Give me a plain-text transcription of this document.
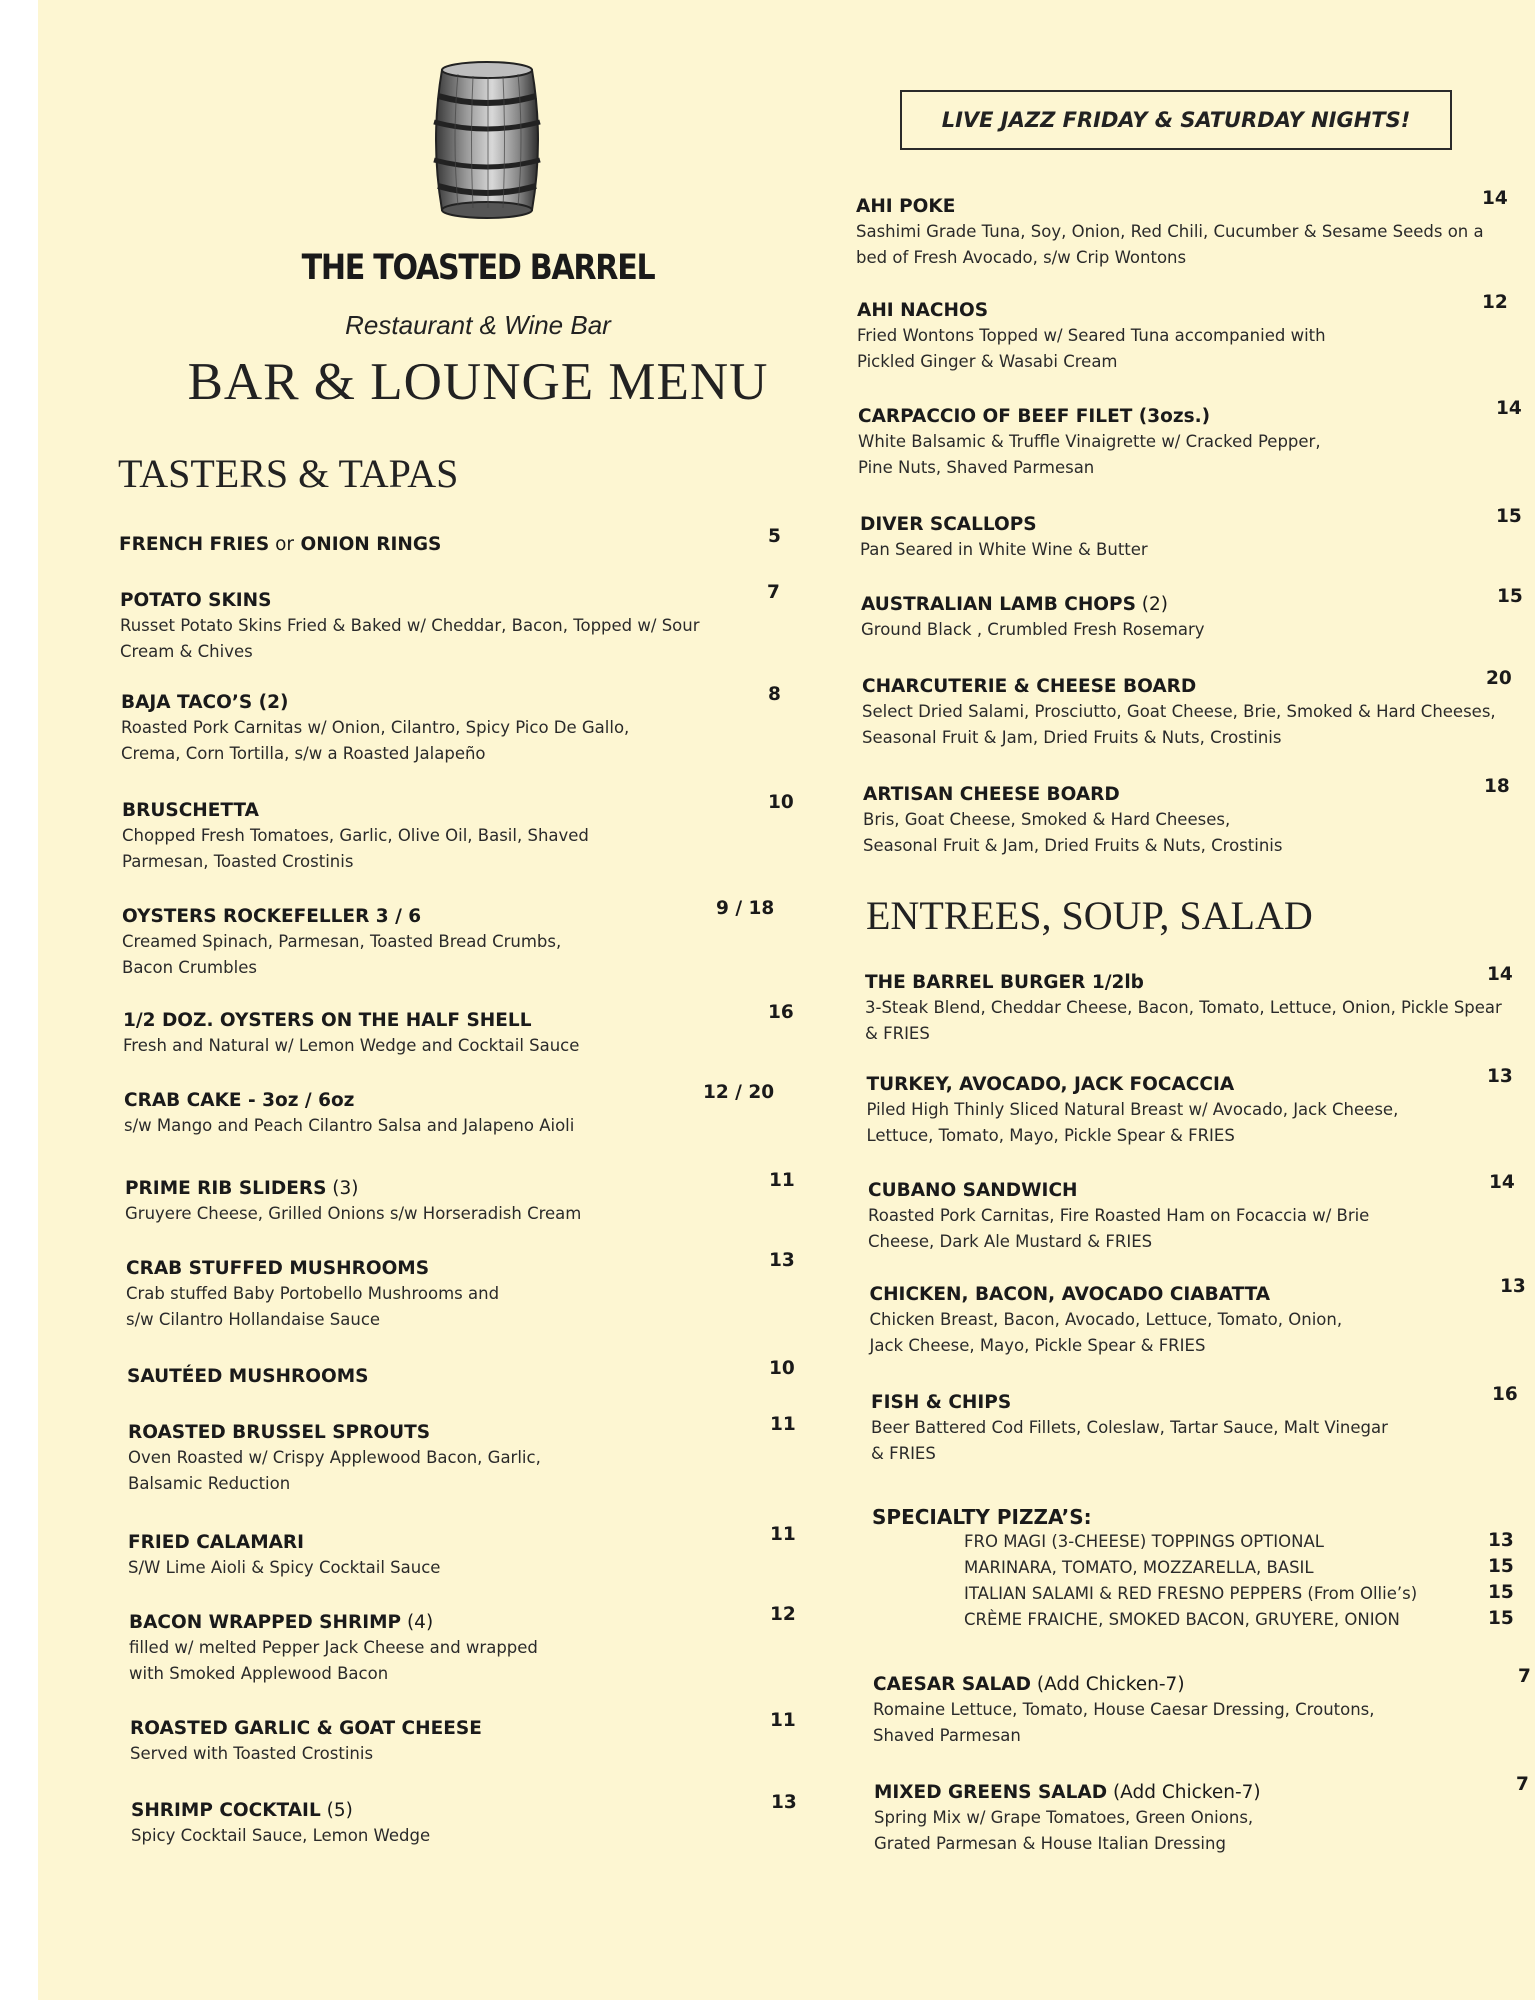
THE TOASTED BARREL
Restaurant & Wine Bar
BAR & LOUNGE MENU
TASTERS & TAPAS
ENTREES, SOUP, SALAD
LIVE JAZZ FRIDAY & SATURDAY NIGHTS!
SPECIALTY PIZZA’S:
FRENCH FRIES or ONION RINGS	5
POTATO SKINS
Russet Potato Skins Fried & Baked w/ Cheddar, Bacon, Topped w/ Sour
Cream & Chives
7
BAJA TACO’S (2)
Roasted Pork Carnitas w/ Onion, Cilantro, Spicy Pico De Gallo,
Crema, Corn Tortilla, s/w a Roasted Jalapeño
8
BRUSCHETTA
Chopped Fresh Tomatoes, Garlic, Olive Oil, Basil, Shaved
Parmesan, Toasted Crostinis
10
OYSTERS ROCKEFELLER 3 / 6
Creamed Spinach, Parmesan, Toasted Bread Crumbs,
Bacon Crumbles
9 / 18
1/2 DOZ. OYSTERS ON THE HALF SHELL
Fresh and Natural w/ Lemon Wedge and Cocktail Sauce
16
CRAB CAKE - 3oz / 6oz
s/w Mango and Peach Cilantro Salsa and Jalapeno Aioli
12 / 20
PRIME RIB SLIDERS (3)
Gruyere Cheese, Grilled Onions s/w Horseradish Cream
11
CRAB STUFFED MUSHROOMS
Crab stuffed Baby Portobello Mushrooms and
s/w Cilantro Hollandaise Sauce
13
SAUTÉED MUSHROOMS	10
ROASTED BRUSSEL SPROUTS
Oven Roasted w/ Crispy Applewood Bacon, Garlic,
Balsamic Reduction
11
FRIED CALAMARI
S/W Lime Aioli & Spicy Cocktail Sauce
11
BACON WRAPPED SHRIMP (4)
filled w/ melted Pepper Jack Cheese and wrapped
with Smoked Applewood Bacon
12
ROASTED GARLIC & GOAT CHEESE
Served with Toasted Crostinis
11
SHRIMP COCKTAIL (5)
Spicy Cocktail Sauce, Lemon Wedge
13
AHI POKE
Sashimi Grade Tuna, Soy, Onion, Red Chili, Cucumber & Sesame Seeds on a
bed of Fresh Avocado, s/w Crip Wontons
14
AHI NACHOS
Fried Wontons Topped w/ Seared Tuna accompanied with
Pickled Ginger & Wasabi Cream
12
CARPACCIO OF BEEF FILET (3ozs.)
White Balsamic & Truffle Vinaigrette w/ Cracked Pepper,
Pine Nuts, Shaved Parmesan
14
DIVER SCALLOPS
Pan Seared in White Wine & Butter
15
AUSTRALIAN LAMB CHOPS (2)
Ground Black , Crumbled Fresh Rosemary
15
CHARCUTERIE & CHEESE BOARD
Select Dried Salami, Prosciutto, Goat Cheese, Brie, Smoked & Hard Cheeses,
Seasonal Fruit & Jam, Dried Fruits & Nuts, Crostinis
20
ARTISAN CHEESE BOARD
Bris, Goat Cheese, Smoked & Hard Cheeses,
Seasonal Fruit & Jam, Dried Fruits & Nuts, Crostinis
18
THE BARREL BURGER 1/2lb
3-Steak Blend, Cheddar Cheese, Bacon, Tomato, Lettuce, Onion, Pickle Spear
& FRIES
14
TURKEY, AVOCADO, JACK FOCACCIA
Piled High Thinly Sliced Natural Breast w/ Avocado, Jack Cheese,
Lettuce, Tomato, Mayo, Pickle Spear & FRIES
13
CUBANO SANDWICH
Roasted Pork Carnitas, Fire Roasted Ham on Focaccia w/ Brie
Cheese, Dark Ale Mustard & FRIES
14
CHICKEN, BACON, AVOCADO CIABATTA
Chicken Breast, Bacon, Avocado, Lettuce, Tomato, Onion,
Jack Cheese, Mayo, Pickle Spear & FRIES
13
FISH & CHIPS
Beer Battered Cod Fillets, Coleslaw, Tartar Sauce, Malt Vinegar
& FRIES
16
CAESAR SALAD (Add Chicken-7)
Romaine Lettuce, Tomato, House Caesar Dressing, Croutons,
Shaved Parmesan
7
MIXED GREENS SALAD (Add Chicken-7)
Spring Mix w/ Grape Tomatoes, Green Onions,
Grated Parmesan & House Italian Dressing
7
FRO MAGI (3-CHEESE) TOPPINGS OPTIONAL	13
MARINARA, TOMATO, MOZZARELLA, BASIL	15
ITALIAN SALAMI & RED FRESNO PEPPERS (From Ollie’s)	15
CRÈME FRAICHE, SMOKED BACON, GRUYERE, ONION	15
